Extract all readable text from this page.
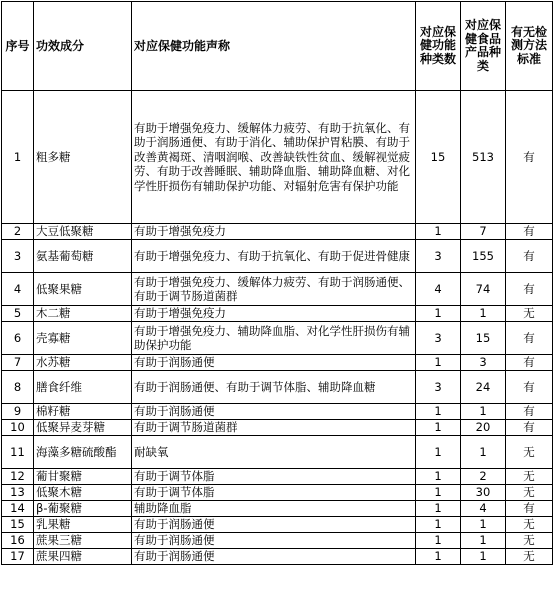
序号	功效成分	对应保健功能声称	对应保健功能种类数	对应保健食品产品种类	有无检测方法标准
1	粗多糖	有助于增强免疫力、缓解体力疲劳、有助于抗氧化、有助于润肠通便、有助于消化、辅助保护胃粘膜、有助于改善黄褐斑、清咽润喉、改善缺铁性贫血、缓解视觉疲劳、有助于改善睡眠、辅助降血脂、辅助降血糖、对化学性肝损伤有辅助保护功能、对辐射危害有保护功能	15	513	有
2	大豆低聚糖	有助于增强免疫力	1	7	有
3	氨基葡萄糖	有助于增强免疫力、有助于抗氧化、有助于促进骨健康	3	155	有
4	低聚果糖	有助于增强免疫力、缓解体力疲劳、有助于润肠通便、有助于调节肠道菌群	4	74	有
5	木二糖	有助于增强免疫力	1	1	无
6	壳寡糖	有助于增强免疫力、辅助降血脂、对化学性肝损伤有辅助保护功能	3	15	有
7	水苏糖	有助于润肠通便	1	3	有
8	膳食纤维	有助于润肠通便、有助于调节体脂、辅助降血糖	3	24	有
9	棉籽糖	有助于润肠通便	1	1	有
10	低聚异麦芽糖	有助于调节肠道菌群	1	20	有
11	海藻多糖硫酸酯	耐缺氧	1	1	无
12	葡甘聚糖	有助于调节体脂	1	2	无
13	低聚木糖	有助于调节体脂	1	30	无
14	β-葡聚糖	辅助降血脂	1	4	有
15	乳果糖	有助于润肠通便	1	1	无
16	蔗果三糖	有助于润肠通便	1	1	无
17	蔗果四糖	有助于润肠通便	1	1	无
